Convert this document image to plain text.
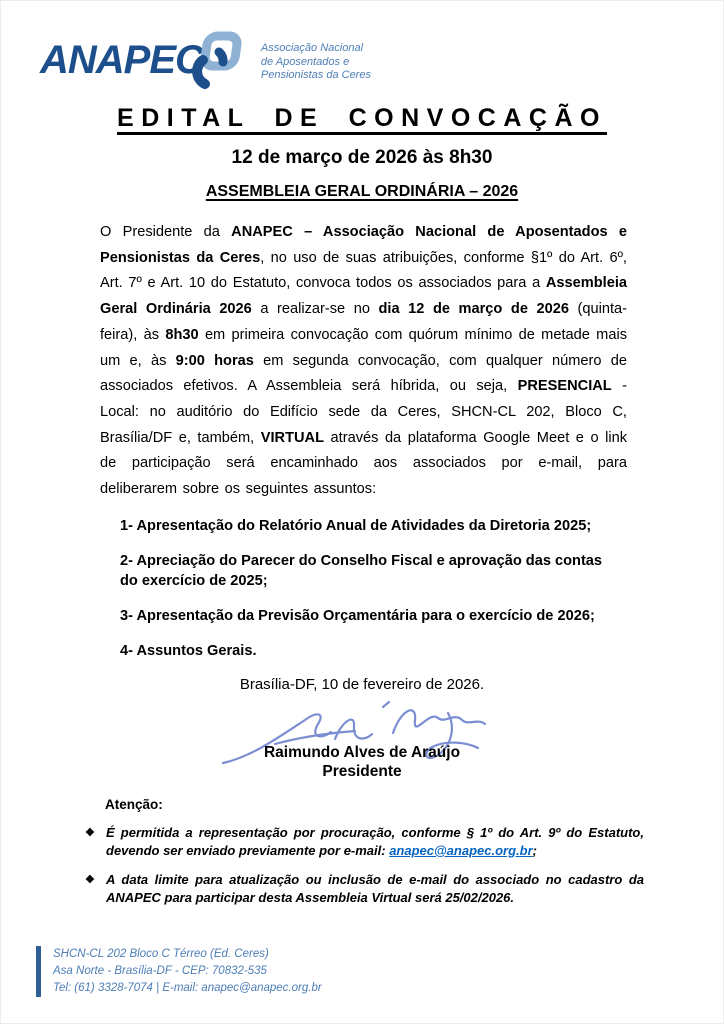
ANAPEC	Associação Nacional
de Aposentados e
Pensionistas da Ceres
EDITAL DE CONVOCAÇÃO
12 de março de 2026 às 8h30
ASSEMBLEIA GERAL ORDINÁRIA – 2026

O Presidente da ANAPEC – Associação Nacional de Aposentados e Pensionistas da Ceres, no uso de suas atribuições, conforme §1º do Art. 6º, Art. 7º e Art. 10 do Estatuto, convoca todos os associados para a Assembleia Geral Ordinária 2026 a realizar-se no dia 12 de março de 2026 (quinta-feira), às 8h30 em primeira convocação com quórum mínimo de metade mais um e, às 9:00 horas em segunda convocação, com qualquer número de associados efetivos. A Assembleia será híbrida, ou seja, PRESENCIAL - Local: no auditório do Edifício sede da Ceres, SHCN-CL 202, Bloco C, Brasília/DF e, também, VIRTUAL através da plataforma Google Meet e o link de participação será encaminhado aos associados por e-mail, para deliberarem sobre os seguintes assuntos:

1- Apresentação do Relatório Anual de Atividades da Diretoria 2025;
2- Apreciação do Parecer do Conselho Fiscal e aprovação das contas do exercício de 2025;
3- Apresentação da Previsão Orçamentária para o exercício de 2026;
4- Assuntos Gerais.
Brasília-DF, 10 de fevereiro de 2026.
Raimundo Alves de Araújo
Presidente
Atenção:
❖ É permitida a representação por procuração, conforme § 1º do Art. 9º do Estatuto, devendo ser enviado previamente por e-mail: anapec@anapec.org.br;
❖ A data limite para atualização ou inclusão de e-mail do associado no cadastro da ANAPEC para participar desta Assembleia Virtual será 25/02/2026.
SHCN-CL 202 Bloco C Térreo (Ed. Ceres)
Asa Norte - Brasília-DF - CEP: 70832-535
Tel: (61) 3328-7074 | E-mail: anapec@anapec.org.br
